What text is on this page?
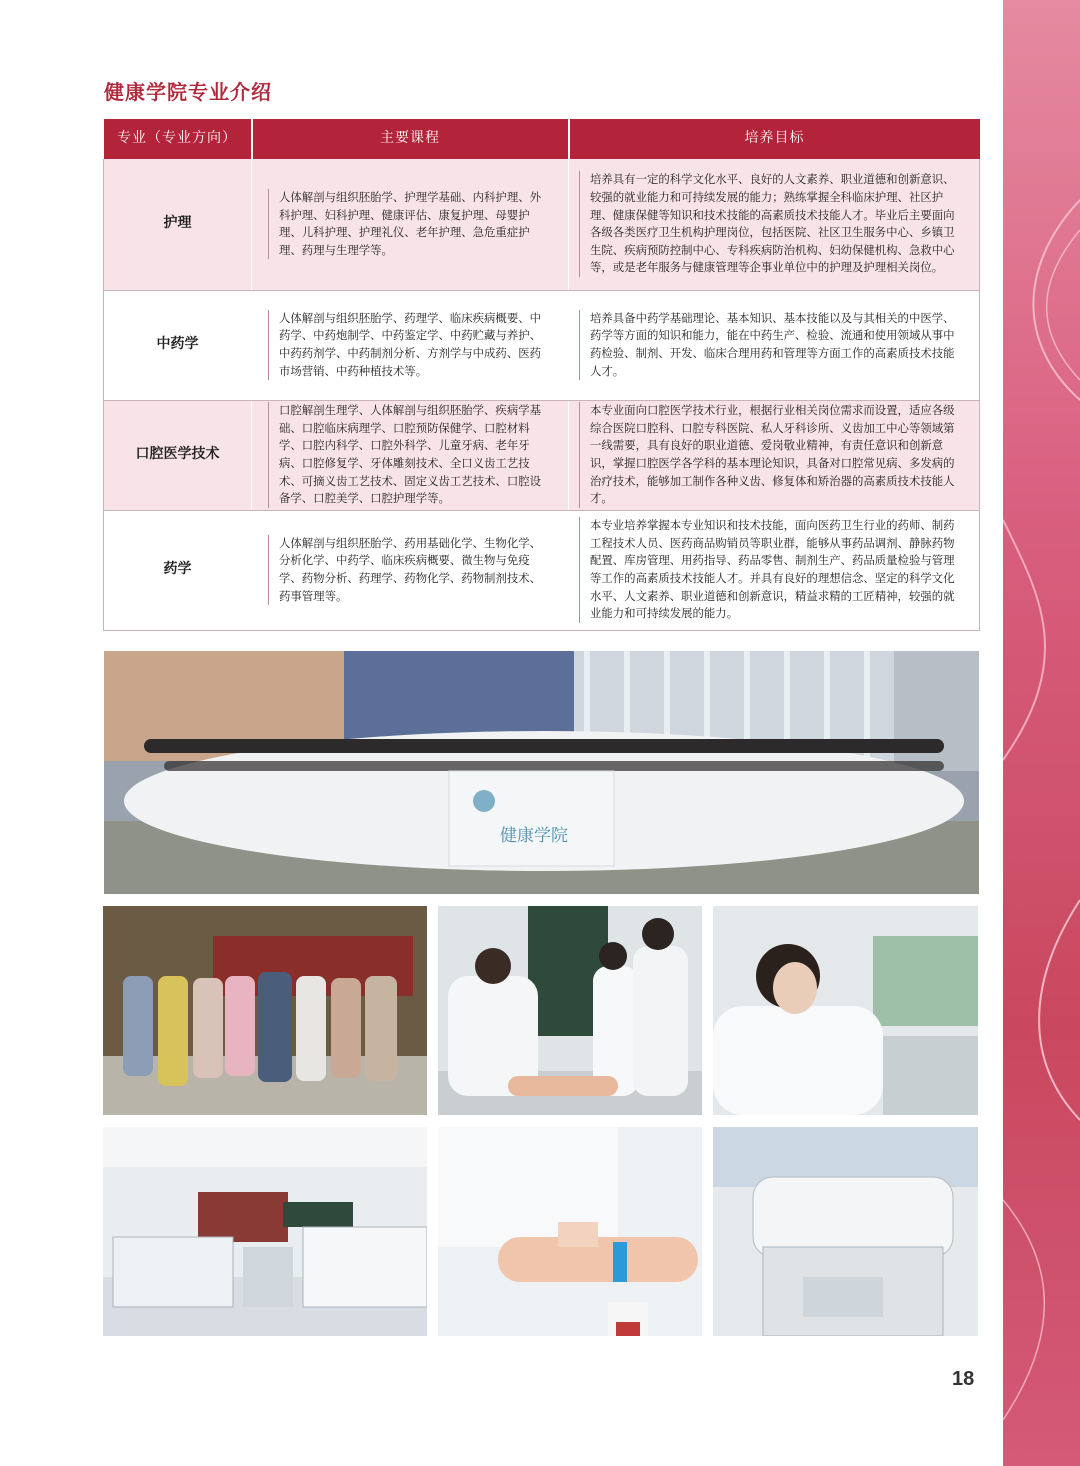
健康学院专业介绍
专业（专业方向）	主要课程	培养目标
护理	人体解剖与组织胚胎学、护理学基础、内科护理、外科护理、妇科护理、健康评估、康复护理、母婴护理、儿科护理、护理礼仪、老年护理、急危重症护理、药理与生理学等。	培养具有一定的科学文化水平、良好的人文素养、职业道德和创新意识、较强的就业能力和可持续发展的能力；熟练掌握全科临床护理、社区护理、健康保健等知识和技术技能的高素质技术技能人才。毕业后主要面向各级各类医疗卫生机构护理岗位，包括医院、社区卫生服务中心、乡镇卫生院、疾病预防控制中心、专科疾病防治机构、妇幼保健机构、急救中心等，或是老年服务与健康管理等企事业单位中的护理及护理相关岗位。

中药学	人体解剖与组织胚胎学、药理学、临床疾病概要、中药学、中药炮制学、中药鉴定学、中药贮藏与养护、中药药剂学、中药制剂分析、方剂学与中成药、医药市场营销、中药种植技术等。	培养具备中药学基础理论、基本知识、基本技能以及与其相关的中医学、药学等方面的知识和能力，能在中药生产、检验、流通和使用领域从事中药检验、制剂、开发、临床合理用药和管理等方面工作的高素质技术技能人才。

口腔医学技术	口腔解剖生理学、人体解剖与组织胚胎学、疾病学基础、口腔临床病理学、口腔预防保健学、口腔材料学、口腔内科学、口腔外科学、儿童牙病、老年牙病、口腔修复学、牙体雕刻技术、全口义齿工艺技术、可摘义齿工艺技术、固定义齿工艺技术、口腔设备学、口腔美学、口腔护理学等。	本专业面向口腔医学技术行业，根据行业相关岗位需求而设置，适应各级综合医院口腔科、口腔专科医院、私人牙科诊所、义齿加工中心等领域第一线需要，具有良好的职业道德、爱岗敬业精神，有责任意识和创新意识，掌握口腔医学各学科的基本理论知识，具备对口腔常见病、多发病的治疗技术，能够加工制作各种义齿、修复体和矫治器的高素质技术技能人才。

药学	人体解剖与组织胚胎学、药用基础化学、生物化学、分析化学、中药学、临床疾病概要、微生物与免疫学、药物分析、药理学、药物化学、药物制剂技术、药事管理等。	本专业培养掌握本专业知识和技术技能，面向医药卫生行业的药师、制药工程技术人员、医药商品购销员等职业群，能够从事药品调剂、静脉药物配置、库房管理、用药指导、药品零售、制剂生产、药品质量检验与管理等工作的高素质技术技能人才。并具有良好的理想信念、坚定的科学文化水平、人文素养、职业道德和创新意识，精益求精的工匠精神，较强的就业能力和可持续发展的能力。
健康学院
18
